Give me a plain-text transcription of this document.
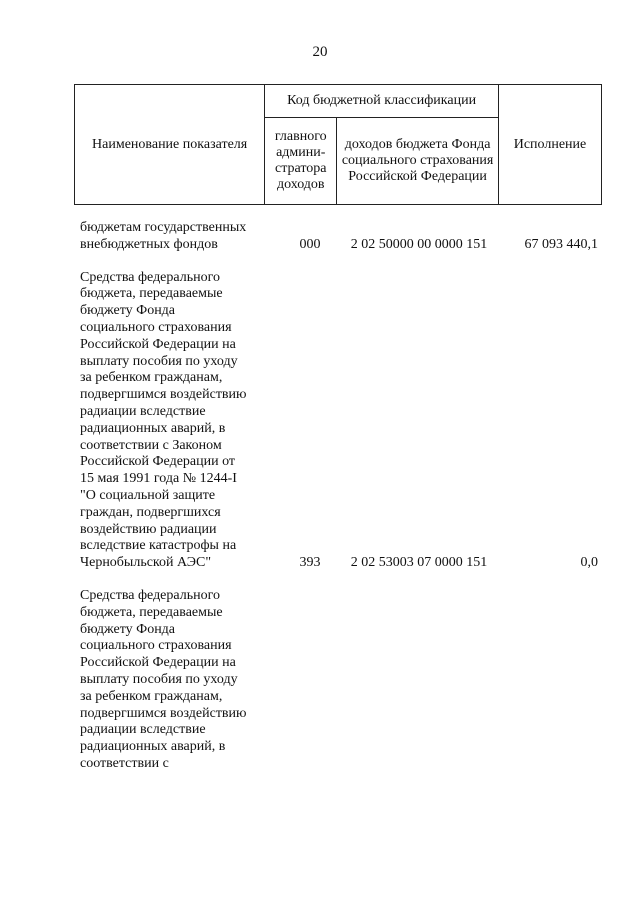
20
Наименование показателя	Код бюджетной классификации		Исполнение
	главного админи-стратора доходов	доходов бюджета Фонда социального страхования Российской Федерации	
бюджетам государственных
внебюджетных фондов	000	2 02 50000 00 0000 151	67 093 440,1
Средства федерального
бюджета, передаваемые
бюджету Фонда
социального страхования
Российской Федерации на
выплату пособия по уходу
за ребенком гражданам,
подвергшимся воздействию
радиации вследствие
радиационных аварий, в
соответствии с Законом
Российской Федерации от
15 мая 1991 года № 1244-I
"О социальной защите
граждан, подвергшихся
воздействию радиации
вследствие катастрофы на
Чернобыльской АЭС"	393	2 02 53003 07 0000 151	0,0
Средства федерального
бюджета, передаваемые
бюджету Фонда
социального страхования
Российской Федерации на
выплату пособия по уходу
за ребенком гражданам,
подвергшимся воздействию
радиации вследствие
радиационных аварий, в
соответствии с
